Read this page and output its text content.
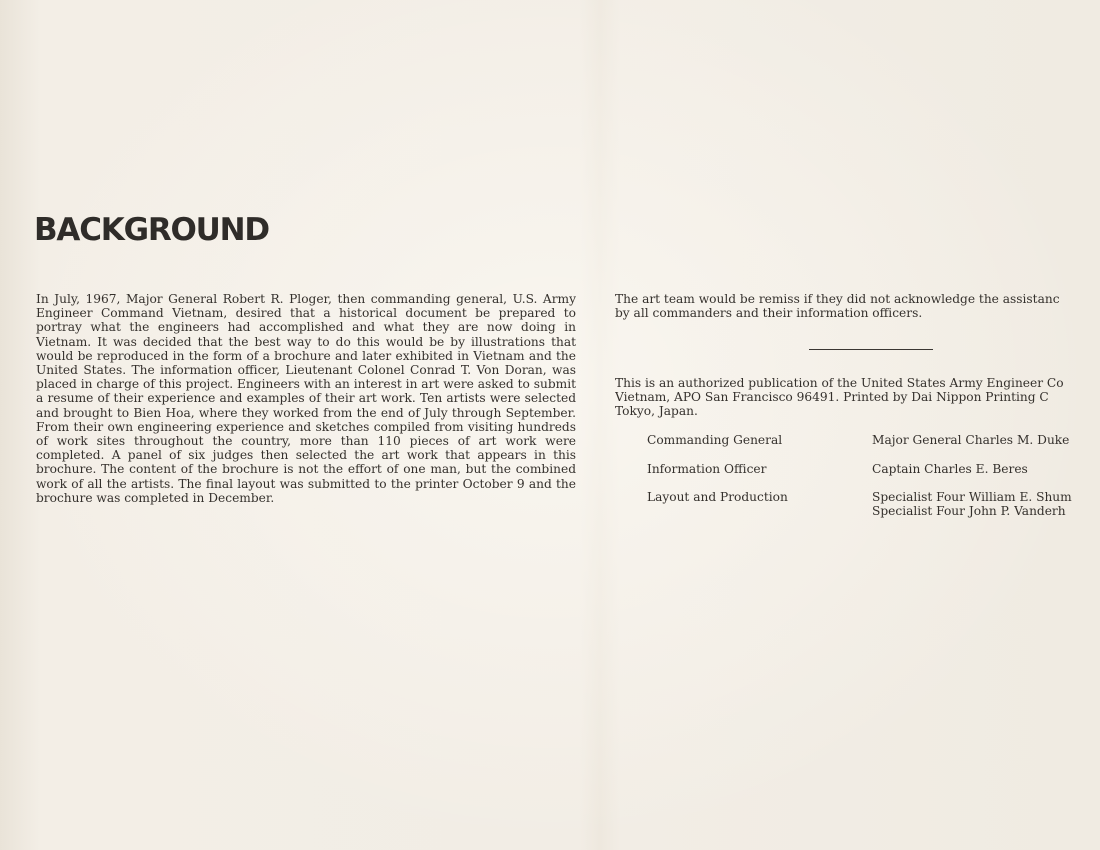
BACKGROUND

In July, 1967, Major General Robert R. Ploger, then commanding general, U.S. Army Engineer Command Vietnam, desired that a historical document be prepared to portray what the engineers had accomplished and what they are now doing in Vietnam. It was decided that the best way to do this would be by illustrations that would be reproduced in the form of a brochure and later exhibited in Vietnam and the United States. The information officer, Lieutenant Colonel Conrad T. Von Doran, was placed in charge of this project. Engineers with an interest in art were asked to submit a resume of their experience and examples of their art work. Ten artists were selected and brought to Bien Hoa, where they worked from the end of July through September. From their own engineering experience and sketches compiled from visiting hundreds of work sites throughout the country, more than 110 pieces of art work were completed. A panel of six judges then selected the art work that appears in this brochure. The content of the brochure is not the effort of one man, but the combined work of all the artists. The final layout was submitted to the printer October 9 and the brochure was completed in December.

The art team would be remiss if they did not acknowledge the assistanc

by all commanders and their information officers.

This is an authorized publication of the United States Army Engineer Co

Vietnam, APO San Francisco 96491. Printed by Dai Nippon Printing C

Tokyo, Japan.

Commanding General	Major General Charles M. Duke

Information Officer	Captain Charles E. Beres

Layout and Production	Specialist Four William E. Shum

Specialist Four John P. Vanderh
